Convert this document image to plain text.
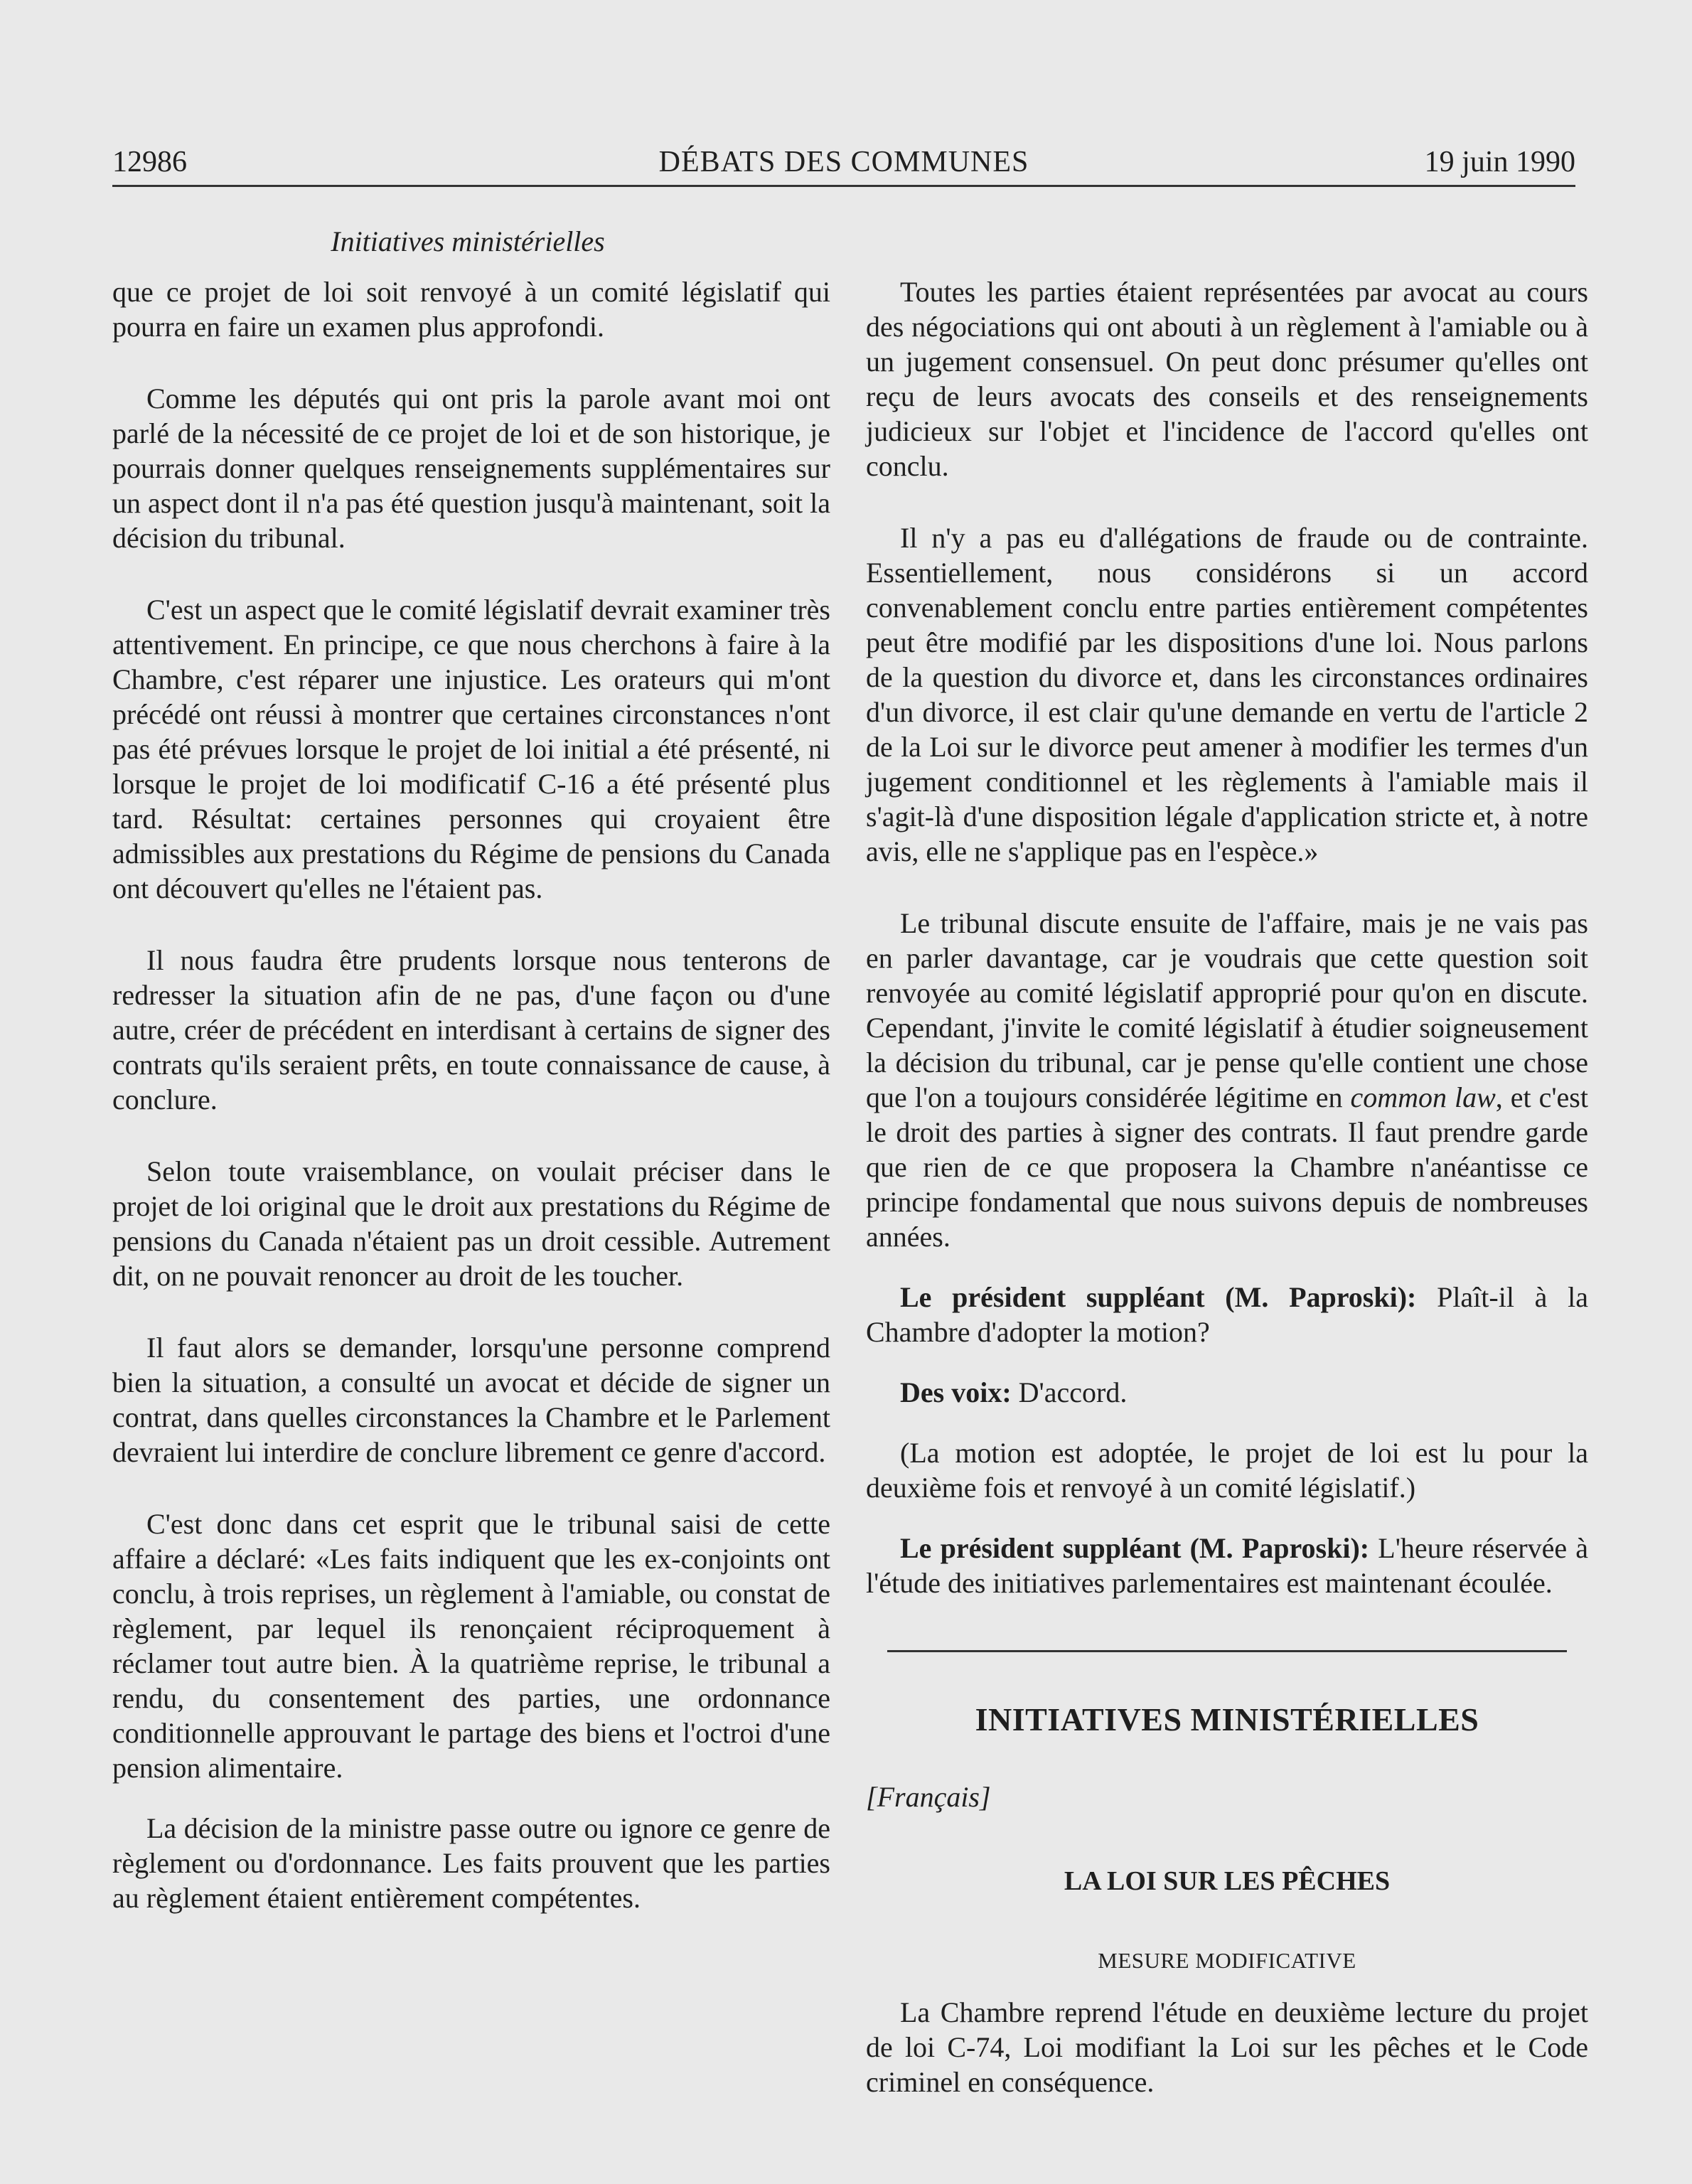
12986	DÉBATS DES COMMUNES	19 juin 1990
Initiatives ministérielles

que ce projet de loi soit renvoyé à un comité législatif qui pourra en faire un examen plus approfondi.

Comme les députés qui ont pris la parole avant moi ont parlé de la nécessité de ce projet de loi et de son historique, je pourrais donner quelques renseignements supplémentaires sur un aspect dont il n'a pas été question jusqu'à maintenant, soit la décision du tribunal.

C'est un aspect que le comité législatif devrait examiner très attentivement. En principe, ce que nous cherchons à faire à la Chambre, c'est réparer une injustice. Les orateurs qui m'ont précédé ont réussi à montrer que certaines circonstances n'ont pas été prévues lorsque le projet de loi initial a été présenté, ni lorsque le projet de loi modificatif C-16 a été présenté plus tard. Résultat: certaines personnes qui croyaient être admissibles aux prestations du Régime de pensions du Canada ont découvert qu'elles ne l'étaient pas.

Il nous faudra être prudents lorsque nous tenterons de redresser la situation afin de ne pas, d'une façon ou d'une autre, créer de précédent en interdisant à certains de signer des contrats qu'ils seraient prêts, en toute connaissance de cause, à conclure.

Selon toute vraisemblance, on voulait préciser dans le projet de loi original que le droit aux prestations du Régime de pensions du Canada n'étaient pas un droit cessible. Autrement dit, on ne pouvait renoncer au droit de les toucher.

Il faut alors se demander, lorsqu'une personne comprend bien la situation, a consulté un avocat et décide de signer un contrat, dans quelles circonstances la Chambre et le Parlement devraient lui interdire de conclure librement ce genre d'accord.

C'est donc dans cet esprit que le tribunal saisi de cette affaire a déclaré: «Les faits indiquent que les ex-conjoints ont conclu, à trois reprises, un règlement à l'amiable, ou constat de règlement, par lequel ils renonçaient réciproquement à réclamer tout autre bien. À la quatrième reprise, le tribunal a rendu, du consentement des parties, une ordonnance conditionnelle approuvant le partage des biens et l'octroi d'une pension alimentaire.

La décision de la ministre passe outre ou ignore ce genre de règlement ou d'ordonnance. Les faits prouvent que les parties au règlement étaient entièrement compétentes.

Toutes les parties étaient représentées par avocat au cours des négociations qui ont abouti à un règlement à l'amiable ou à un jugement consensuel. On peut donc présumer qu'elles ont reçu de leurs avocats des conseils et des renseignements judicieux sur l'objet et l'incidence de l'accord qu'elles ont conclu.

Il n'y a pas eu d'allégations de fraude ou de contrainte. Essentiellement, nous considérons si un accord convenablement conclu entre parties entièrement compétentes peut être modifié par les dispositions d'une loi. Nous parlons de la question du divorce et, dans les circonstances ordinaires d'un divorce, il est clair qu'une demande en vertu de l'article 2 de la Loi sur le divorce peut amener à modifier les termes d'un jugement conditionnel et les règlements à l'amiable mais il s'agit-là d'une disposition légale d'application stricte et, à notre avis, elle ne s'applique pas en l'espèce.»

Le tribunal discute ensuite de l'affaire, mais je ne vais pas en parler davantage, car je voudrais que cette question soit renvoyée au comité législatif approprié pour qu'on en discute. Cependant, j'invite le comité législatif à étudier soigneusement la décision du tribunal, car je pense qu'elle contient une chose que l'on a toujours considérée légitime en common law, et c'est le droit des parties à signer des contrats. Il faut prendre garde que rien de ce que proposera la Chambre n'anéantisse ce principe fondamental que nous suivons depuis de nombreuses années.

Le président suppléant (M. Paproski): Plaît-il à la Chambre d'adopter la motion?

Des voix: D'accord.

(La motion est adoptée, le projet de loi est lu pour la deuxième fois et renvoyé à un comité législatif.)

Le président suppléant (M. Paproski): L'heure réservée à l'étude des initiatives parlementaires est maintenant écoulée.

INITIATIVES MINISTÉRIELLES
[Français]
LA LOI SUR LES PÊCHES
MESURE MODIFICATIVE

La Chambre reprend l'étude en deuxième lecture du projet de loi C-74, Loi modifiant la Loi sur les pêches et le Code criminel en conséquence.
